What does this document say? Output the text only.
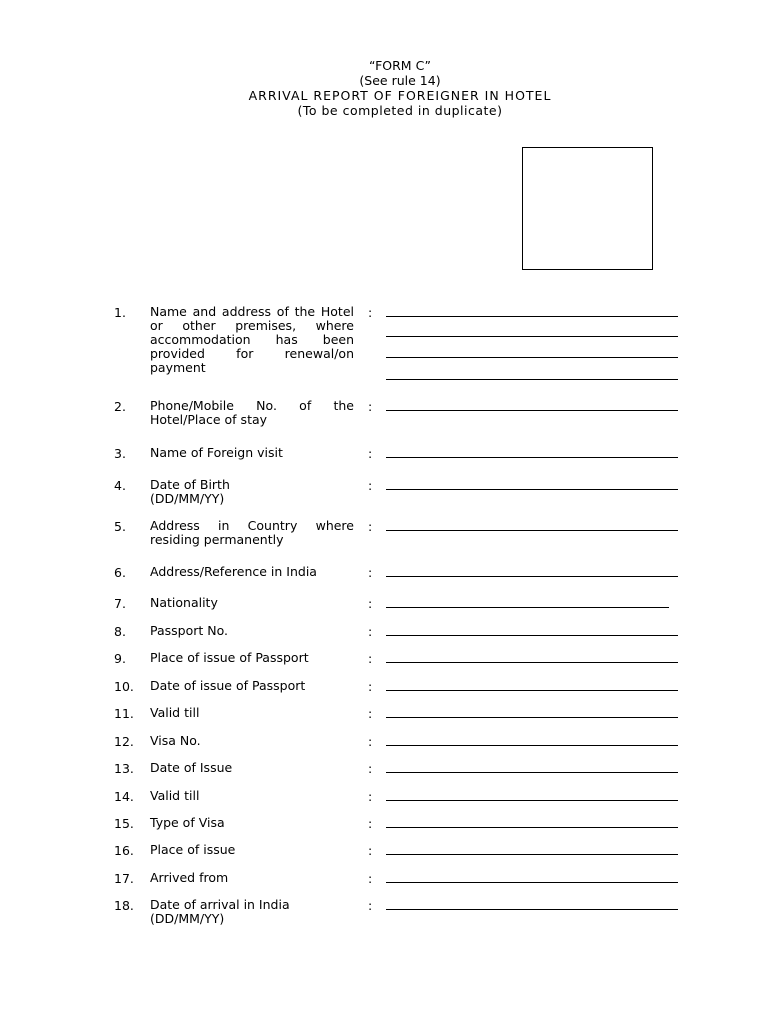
“FORM C”
(See rule 14)
ARRIVAL REPORT OF FOREIGNER IN HOTEL
(To be completed in duplicate)
1. Name and address of the Hotel or other premises, where accommodation has been provided for renewal/on payment
:
2. Phone/Mobile No. of the Hotel/Place of stay
:
3. Name of Foreign visit	:
4. Date of Birth (DD/MM/YY)
:
5. Address in Country where residing permanently
:
6. Address/Reference in India	:
7. Nationality	:
8. Passport No.	:
9. Place of issue of Passport	:
10. Date of issue of Passport	:
11. Valid till	:
12. Visa No.	:
13. Date of Issue	:
14. Valid till	:
15. Type of Visa	:
16. Place of issue	:
17. Arrived from	:
18. Date of arrival in India (DD/MM/YY)
:
